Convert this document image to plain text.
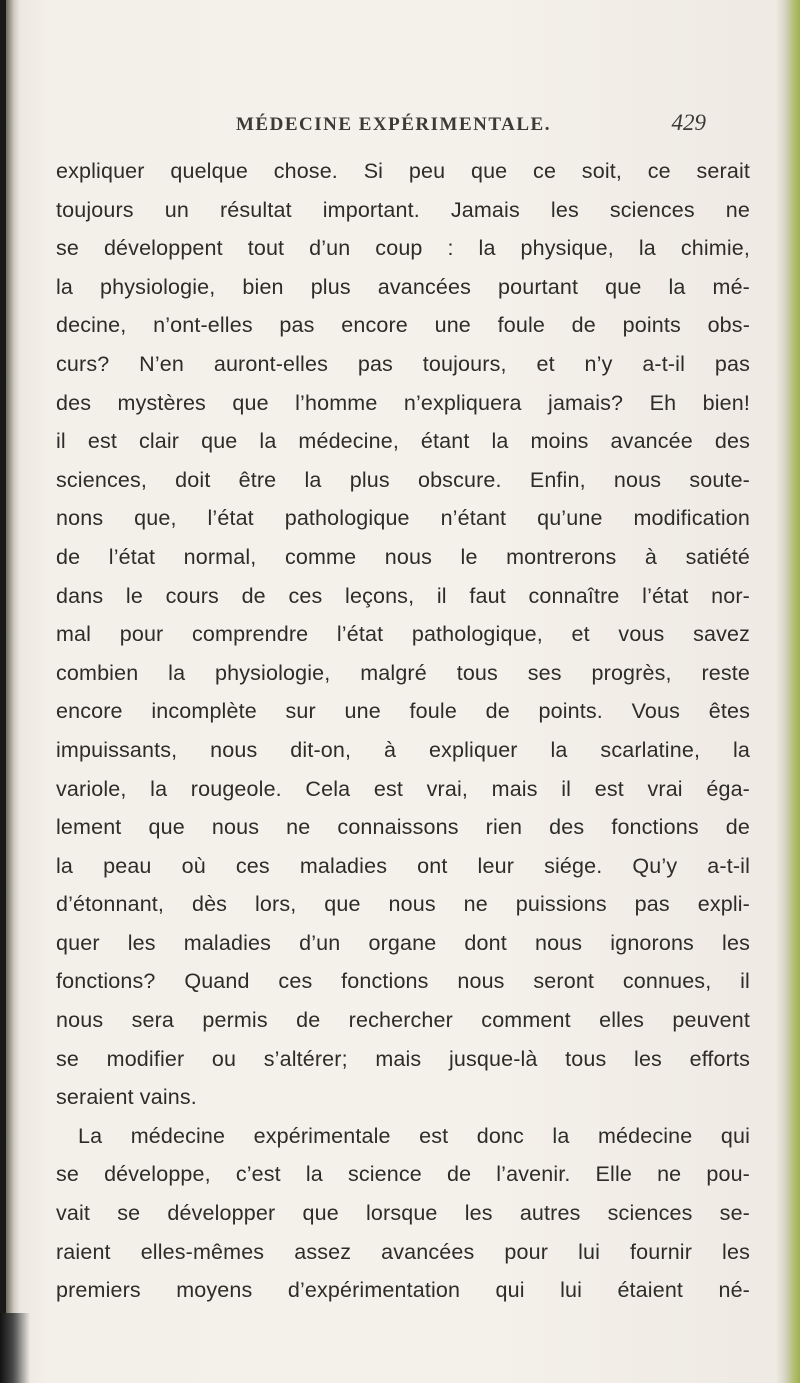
MÉDECINE EXPÉRIMENTALE.	429
expliquer quelque chose. Si peu que ce soit, ce serait
toujours un résultat important. Jamais les sciences ne
se développent tout d’un coup : la physique, la chimie,
la physiologie, bien plus avancées pourtant que la mé-
decine, n’ont-elles pas encore une foule de points obs-
curs? N’en auront-elles pas toujours, et n’y a-t-il pas
des mystères que l’homme n’expliquera jamais? Eh bien!
il est clair que la médecine, étant la moins avancée des
sciences, doit être la plus obscure. Enfin, nous soute-
nons que, l’état pathologique n’étant qu’une modification
de l’état normal, comme nous le montrerons à satiété
dans le cours de ces leçons, il faut connaître l’état nor-
mal pour comprendre l’état pathologique, et vous savez
combien la physiologie, malgré tous ses progrès, reste
encore incomplète sur une foule de points. Vous êtes
impuissants, nous dit-on, à expliquer la scarlatine, la
variole, la rougeole. Cela est vrai, mais il est vrai éga-
lement que nous ne connaissons rien des fonctions de
la peau où ces maladies ont leur siége. Qu’y a-t-il
d’étonnant, dès lors, que nous ne puissions pas expli-
quer les maladies d’un organe dont nous ignorons les
fonctions? Quand ces fonctions nous seront connues, il
nous sera permis de rechercher comment elles peuvent
se modifier ou s’altérer; mais jusque-là tous les efforts
seraient vains.
La médecine expérimentale est donc la médecine qui
se développe, c’est la science de l’avenir. Elle ne pou-
vait se développer que lorsque les autres sciences se-
raient elles-mêmes assez avancées pour lui fournir les
premiers moyens d’expérimentation qui lui étaient né-
